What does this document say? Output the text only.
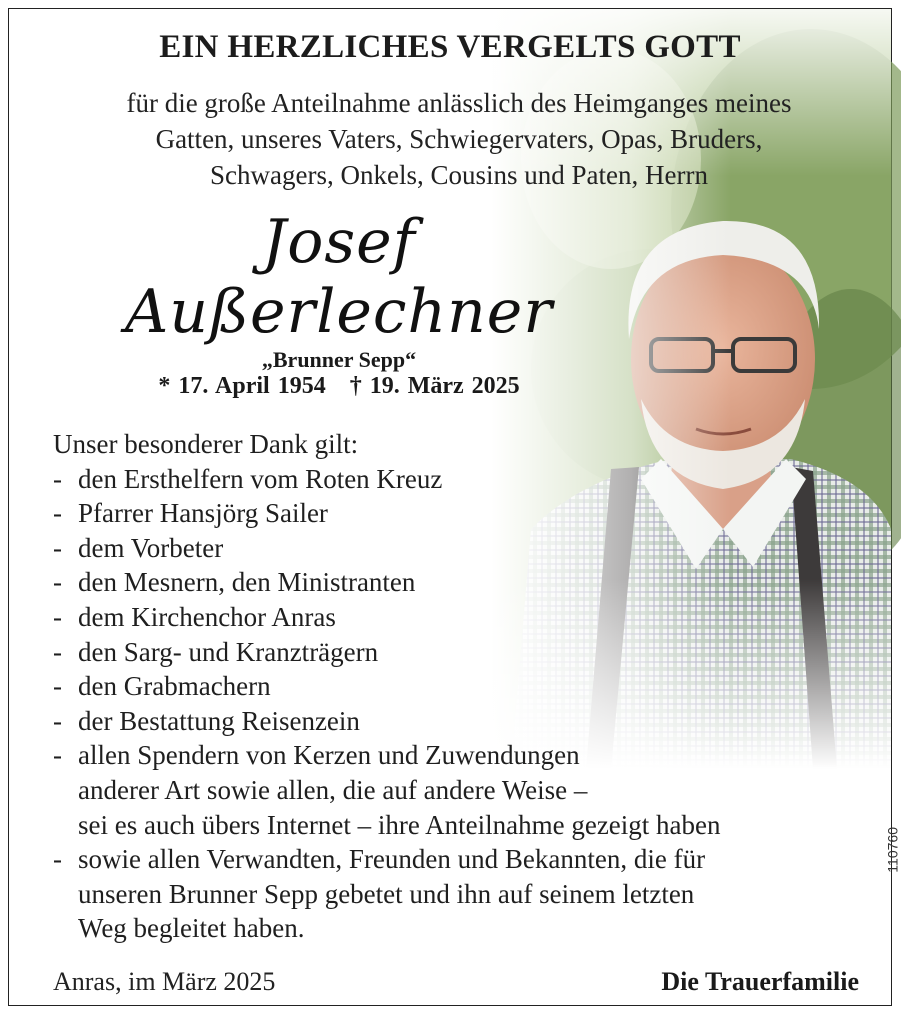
EIN HERZLICHES VERGELTS GOTT
für die große Anteilnahme anlässlich des Heimganges meines
Gatten, unseres Vaters, Schwiegervaters, Opas, Bruders,
Schwagers, Onkels, Cousins und Paten, Herrn
Josef
Außerlechner
„Brunner Sepp“
* 17. April 1954 † 19. März 2025
Unser besonderer Dank gilt:
- den Ersthelfern vom Roten Kreuz
- Pfarrer Hansjörg Sailer
- dem Vorbeter
- den Mesnern, den Ministranten
- dem Kirchenchor Anras
- den Sarg- und Kranzträgern
- den Grabmachern
- der Bestattung Reisenzein
- allen Spendern von Kerzen und Zuwendungen
anderer Art sowie allen, die auf andere Weise –
sei es auch übers Internet – ihre Anteilnahme gezeigt haben
- sowie allen Verwandten, Freunden und Bekannten, die für
unseren Brunner Sepp gebetet und ihn auf seinem letzten
Weg begleitet haben.
Anras, im März 2025	Die Trauerfamilie
110760
